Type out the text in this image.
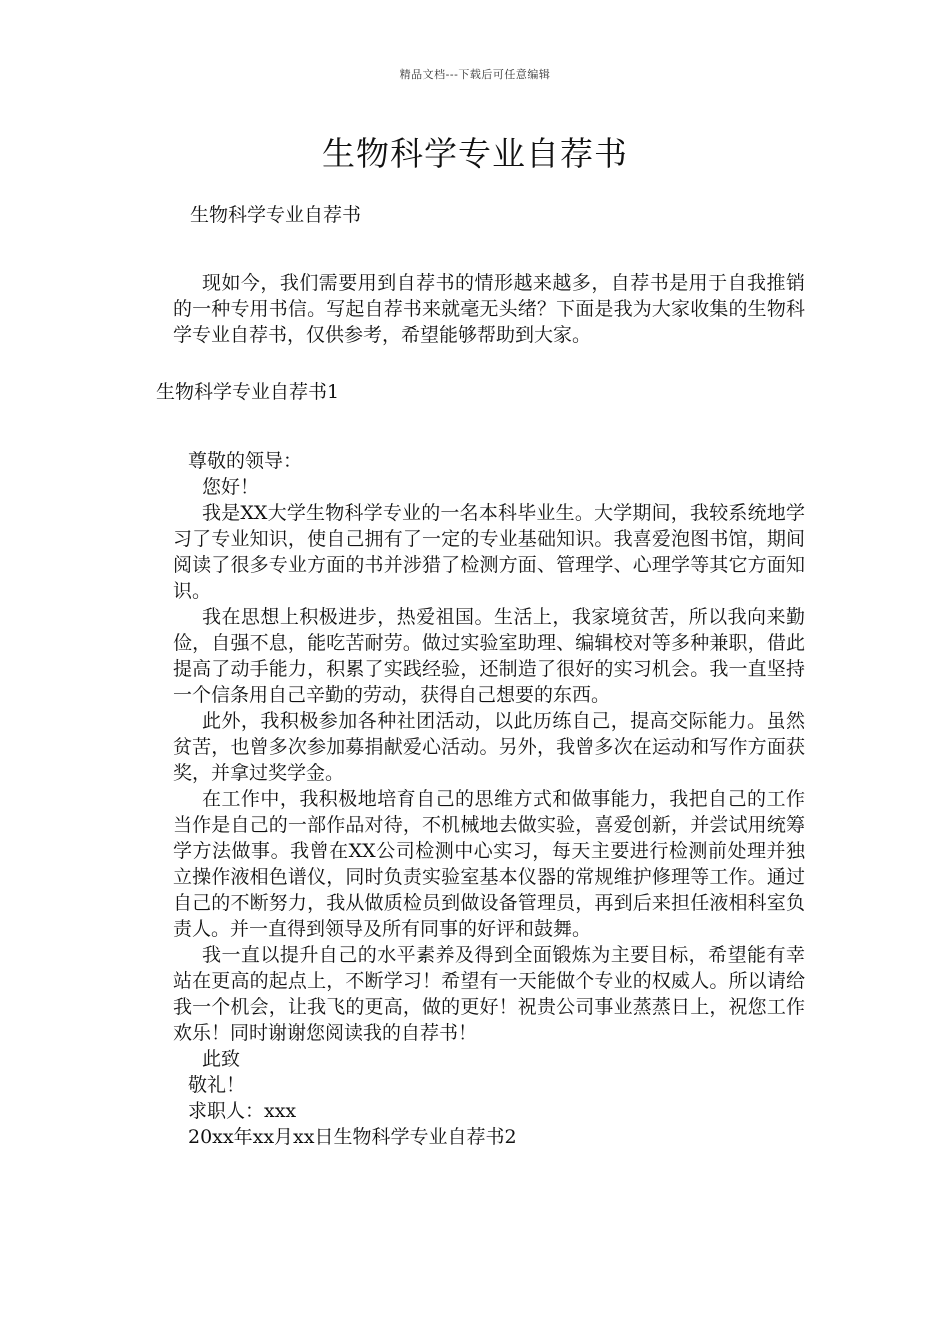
精品文档---下载后可任意编辑
生物科学专业自荐书

生物科学专业自荐书

现如今，我们需要用到自荐书的情形越来越多，自荐书是用于自我推销的一种专用书信。写起自荐书来就毫无头绪？下面是我为大家收集的生物科学专业自荐书，仅供参考，希望能够帮助到大家。

生物科学专业自荐书1

尊敬的领导：

您好！

我是XX大学生物科学专业的一名本科毕业生。大学期间，我较系统地学习了专业知识，使自己拥有了一定的专业基础知识。我喜爱泡图书馆，期间阅读了很多专业方面的书并涉猎了检测方面、管理学、心理学等其它方面知识。

我在思想上积极进步，热爱祖国。生活上，我家境贫苦，所以我向来勤俭，自强不息，能吃苦耐劳。做过实验室助理、编辑校对等多种兼职，借此提高了动手能力，积累了实践经验，还制造了很好的实习机会。我一直坚持一个信条用自己辛勤的劳动，获得自己想要的东西。

此外，我积极参加各种社团活动，以此历练自己，提高交际能力。虽然贫苦，也曾多次参加募捐献爱心活动。另外，我曾多次在运动和写作方面获奖，并拿过奖学金。

在工作中，我积极地培育自己的思维方式和做事能力，我把自己的工作当作是自己的一部作品对待，不机械地去做实验，喜爱创新，并尝试用统筹学方法做事。我曾在XX公司检测中心实习，每天主要进行检测前处理并独立操作液相色谱仪，同时负责实验室基本仪器的常规维护修理等工作。通过自己的不断努力，我从做质检员到做设备管理员，再到后来担任液相科室负责人。并一直得到领导及所有同事的好评和鼓舞。

我一直以提升自己的水平素养及得到全面锻炼为主要目标，希望能有幸站在更高的起点上，不断学习！希望有一天能做个专业的权威人。所以请给我一个机会，让我飞的更高，做的更好！祝贵公司事业蒸蒸日上，祝您工作欢乐！同时谢谢您阅读我的自荐书！

此致

敬礼！

求职人：xxx

20xx年xx月xx日生物科学专业自荐书2
